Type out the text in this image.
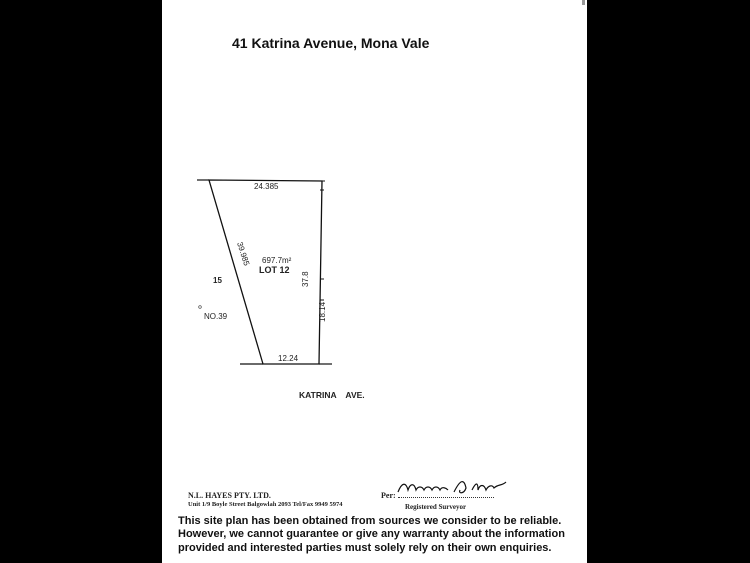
41 Katrina Avenue, Mona Vale
24.385
39.985 697.7m²
LOT 12
37.8
18.14
12.24
15
NO.39
KATRINA    AVE.
N.L. HAYES PTY. LTD.
Unit 1/9 Boyle Street Balgowlah 2093 Tel/Fax 9949 5974
Per:
Registered Surveyor
This site plan has been obtained from sources we consider to be reliable. However, we cannot guarantee or give any warranty about the information provided and interested parties must solely rely on their own enquiries.
